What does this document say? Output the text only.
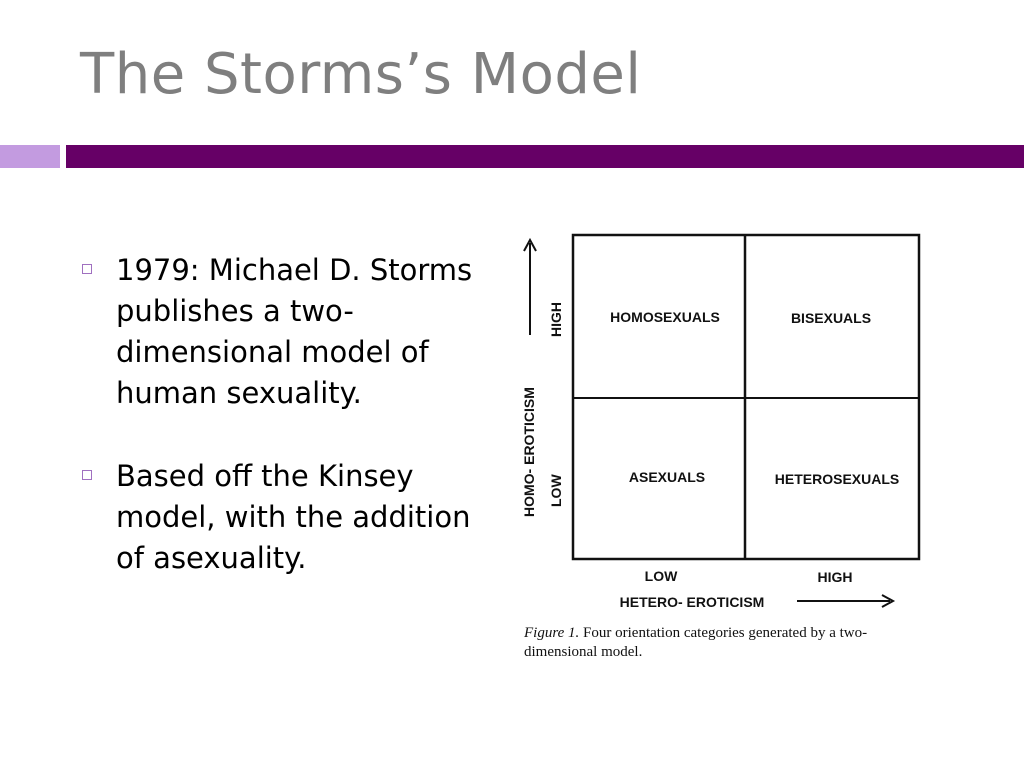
The Storms’s Model
1979: Michael D. Storms publishes a two-dimensional model of human sexuality.
Based off the Kinsey model, with the addition of asexuality.
HOMOSEXUALS	BISEXUALS
ASEXUALS	HETEROSEXUALS
HOMO- EROTICISM
HIGH
LOW
LOW	HIGH
HETERO- EROTICISM
Figure 1. Four orientation categories generated by a two-dimensional model.
